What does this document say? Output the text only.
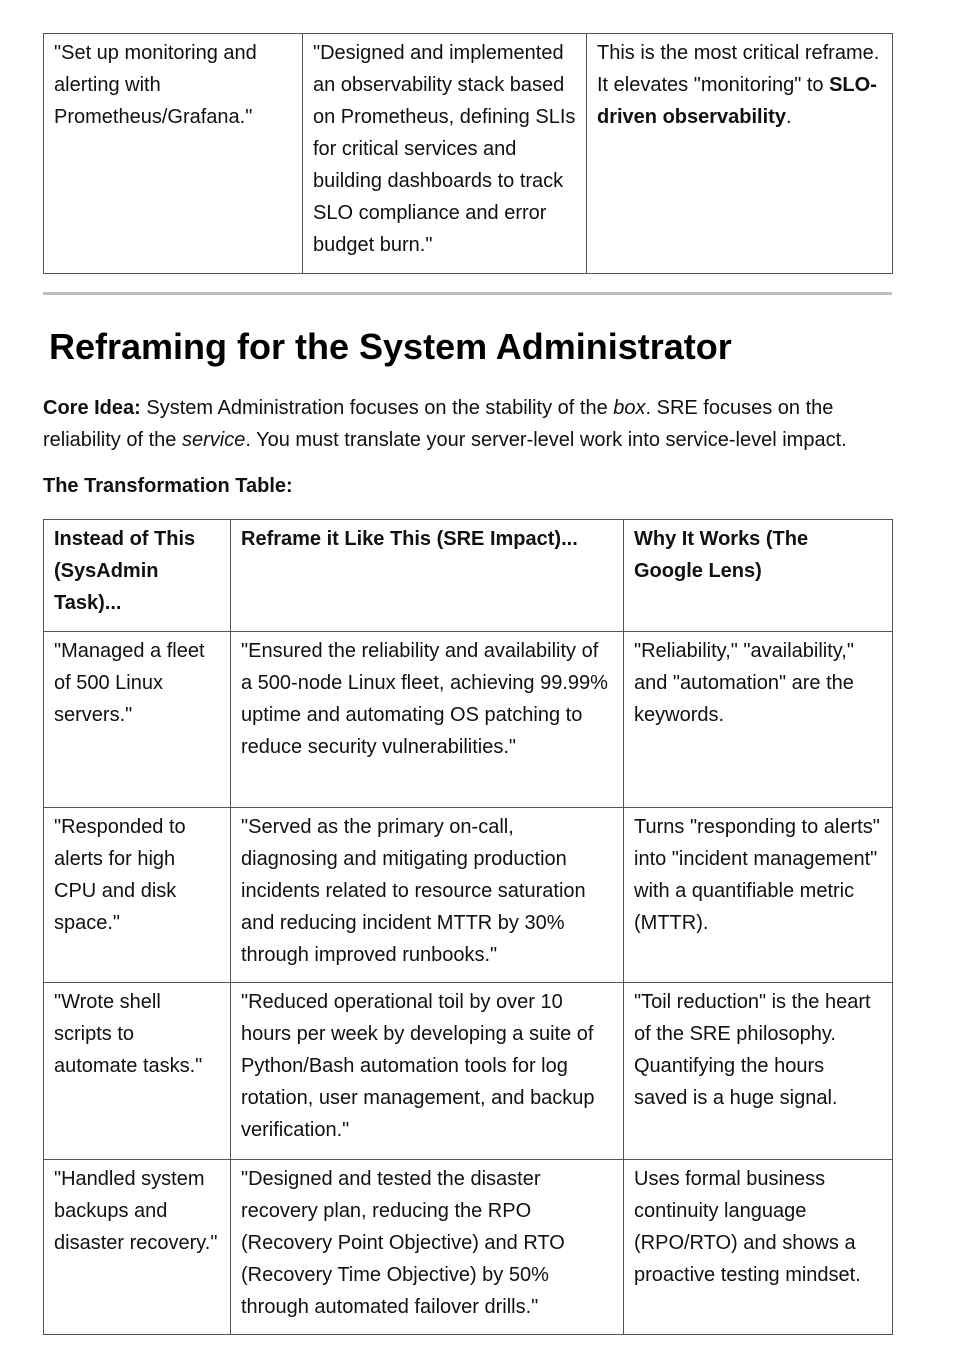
"Set up monitoring and alerting with Prometheus/Grafana."	"Designed and implemented an observability stack based on Prometheus, defining SLIs for critical services and building dashboards to track SLO compliance and error budget burn."	This is the most critical reframe. It elevates "monitoring" to SLO-driven observability.
Reframing for the System Administrator

Core Idea: System Administration focuses on the stability of the box. SRE focuses on the reliability of the service. You must translate your server-level work into service-level impact.

The Transformation Table:

Instead of This (SysAdmin Task)...	Reframe it Like This (SRE Impact)...	Why It Works (The Google Lens)
"Managed a fleet of 500 Linux servers."	"Ensured the reliability and availability of a 500-node Linux fleet, achieving 99.99% uptime and automating OS patching to reduce security vulnerabilities."	"Reliability," "availability," and "automation" are the keywords.
"Responded to alerts for high CPU and disk space."	"Served as the primary on-call, diagnosing and mitigating production incidents related to resource saturation and reducing incident MTTR by 30% through improved runbooks."	Turns "responding to alerts" into "incident management" with a quantifiable metric (MTTR).
"Wrote shell scripts to automate tasks."	"Reduced operational toil by over 10 hours per week by developing a suite of Python/Bash automation tools for log rotation, user management, and backup verification."	"Toil reduction" is the heart of the SRE philosophy. Quantifying the hours saved is a huge signal.
"Handled system backups and disaster recovery."	"Designed and tested the disaster recovery plan, reducing the RPO (Recovery Point Objective) and RTO (Recovery Time Objective) by 50% through automated failover drills."	Uses formal business continuity language (RPO/RTO) and shows a proactive testing mindset.
